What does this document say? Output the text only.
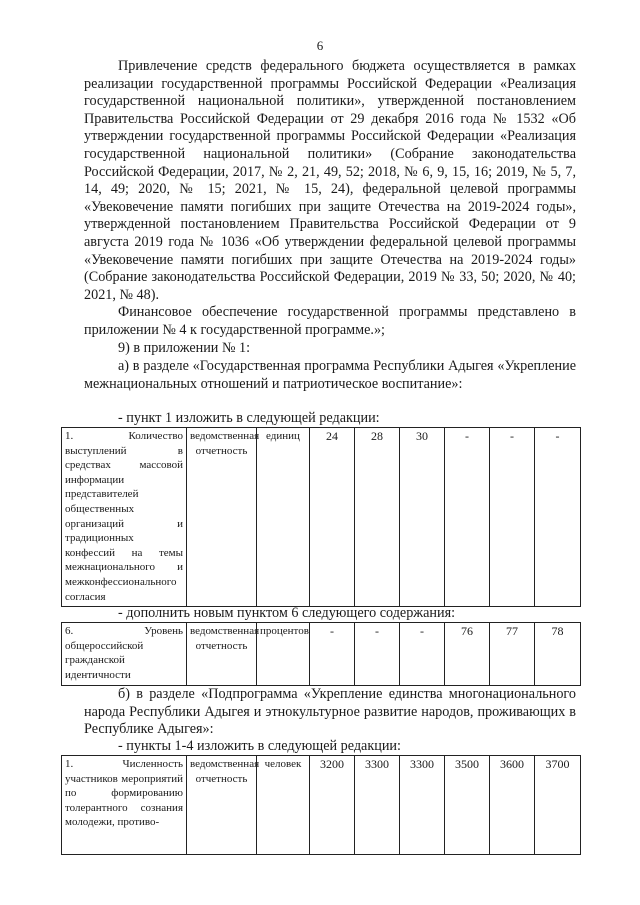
6

Привлечение средств федерального бюджета осуществляется в рамках реализации государственной программы Российской Федерации «Реализация государственной национальной политики», утвержденной постановлением Правительства Российской Федерации от 29 декабря 2016 года № 1532 «Об утверждении государственной программы Российской Федерации «Реализация государственной национальной политики» (Собрание законодательства Российской Федерации, 2017, № 2, 21, 49, 52; 2018, № 6, 9, 15, 16; 2019, № 5, 7, 14, 49; 2020, № 15; 2021, № 15, 24), федеральной целевой программы «Увековечение памяти погибших при защите Отечества на 2019-2024 годы», утвержденной постановлением Правительства Российской Федерации от 9 августа 2019 года № 1036 «Об утверждении федеральной целевой программы «Увековечение памяти погибших при защите Отечества на 2019-2024 годы» (Собрание законодательства Российской Федерации, 2019 № 33, 50; 2020, № 40; 2021, № 48).

Финансовое обеспечение государственной программы представлено в приложении № 4 к государственной программе.»;

9) в приложении № 1:

а) в разделе «Государственная программа Республики Адыгея «Укрепление межнациональных отношений и патриотическое воспитание»:

- пункт 1 изложить в следующей редакции:

1. Количество выступлений в средствах массовой информации представителей общественных организаций и традиционных конфессий на темы межнационального и межконфессионального согласия	ведомственная отчетность	единиц	24	28	30	-	-	-

- дополнить новым пунктом 6 следующего содержания:

6. Уровень общероссийской гражданской идентичности	ведомственная отчетность	процентов	-	-	-	76	77	78

б) в разделе «Подпрограмма «Укрепление единства многонационального народа Республики Адыгея и этнокультурное развитие народов, проживающих в Республике Адыгея»:

- пункты 1-4 изложить в следующей редакции:

1. Численность участников мероприятий по формированию толерантного сознания молодежи, противо-	ведомственная отчетность	человек	3200	3300	3300	3500	3600	3700
